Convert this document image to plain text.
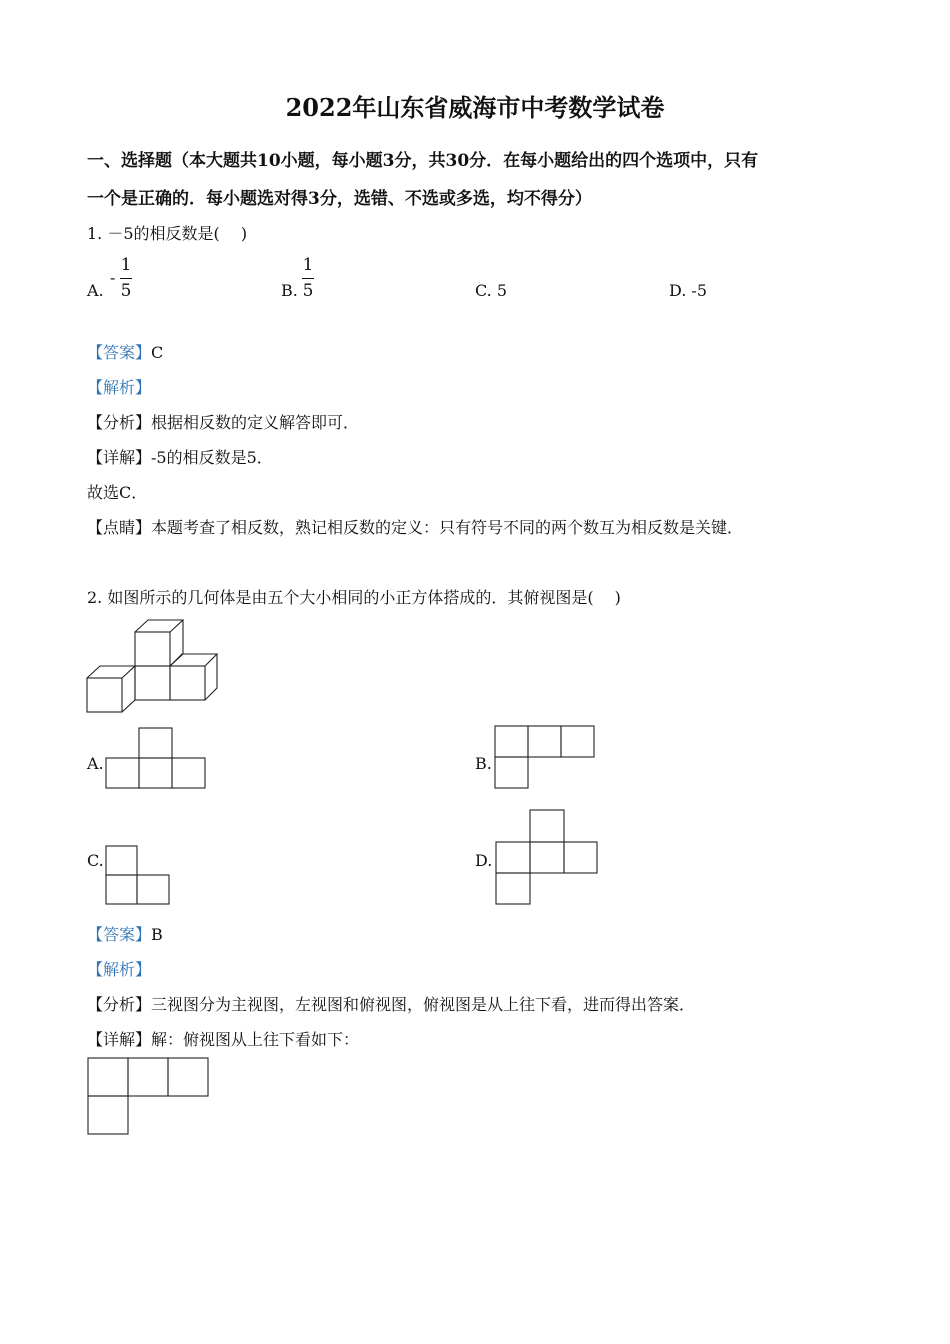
2022年山东省威海市中考数学试卷
一、选择题（本大题共10小题，每小题3分，共30分．在每小题给出的四个选项中，只有
一个是正确的．每小题选对得3分，选错、不选或多选，均不得分）
1. －5的相反数是(　 )
A.
-
1
5	B.
1
5	C. 5	D. -5
【答案】C
【解析】
【分析】根据相反数的定义解答即可．
【详解】-5的相反数是5．
故选C．
【点睛】本题考查了相反数，熟记相反数的定义：只有符号不同的两个数互为相反数是关键．
2. 如图所示的几何体是由五个大小相同的小正方体搭成的．其俯视图是(　 )
A.	B.
C.	D.
【答案】B
【解析】
【分析】三视图分为主视图，左视图和俯视图，俯视图是从上往下看，进而得出答案．
【详解】解：俯视图从上往下看如下：
